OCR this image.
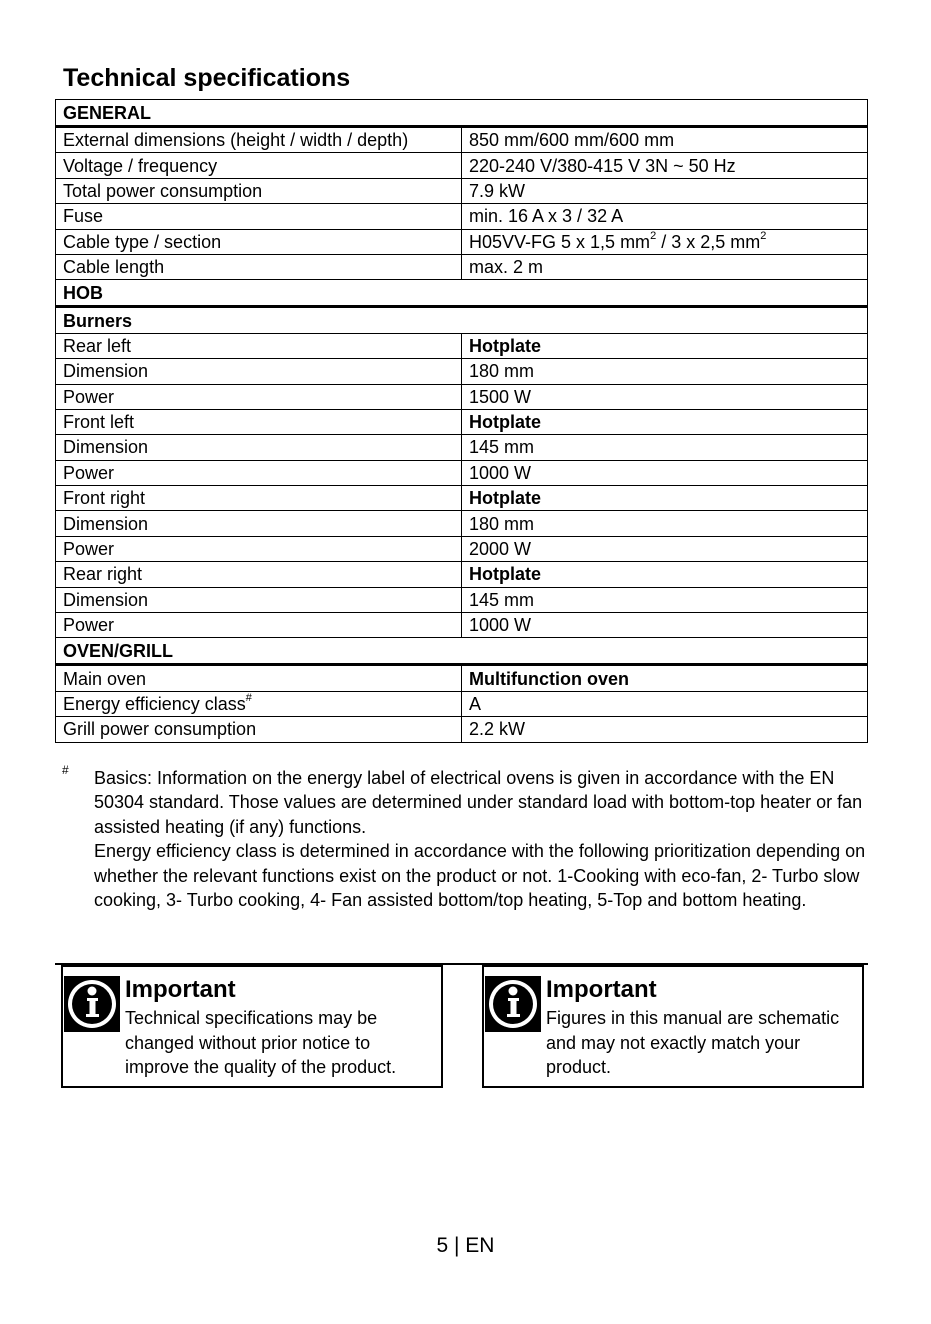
Technical specifications
GENERAL	
External dimensions (height / width / depth)	850 mm/600 mm/600 mm
Voltage / frequency	220-240 V/380-415 V 3N ~ 50 Hz
Total power consumption	7.9 kW
Fuse	min. 16 A x 3 / 32 A
Cable type / section	H05VV-FG 5 x 1,5 $mm^2 / 3$ x 2,5 $mm^2$
Cable length	max. 2 m
HOB	
Burners	
Rear left	Hotplate
Dimension	180 mm
Power	1500 W
Front left	Hotplate
Dimension	145 mm
Power	1000 W
Front right	Hotplate
Dimension	180 mm
Power	2000 W
Rear right	Hotplate
Dimension	145 mm
Power	1000 W
OVEN/GRILL	
Main oven	Multifunction oven
Energy efficiency class#	A
Grill power consumption	2.2 kW
# Basics: Information on the energy label of electrical ovens is given in accordance with the EN 50304 standard. Those values are determined under standard load with bottom-top heater or fan assisted heating (if any) functions.

Energy efficiency class is determined in accordance with the following prioritization depending on whether the relevant functions exist on the product or not. 1-Cooking with eco-fan, 2- Turbo slow cooking, 3- Turbo cooking, 4- Fan assisted bottom/top heating, 5-Top and bottom heating.

Important
Technical specifications may be changed without prior notice to improve the quality of the product.
Important
Figures in this manual are schematic and may not exactly match your product.
5 | EN
